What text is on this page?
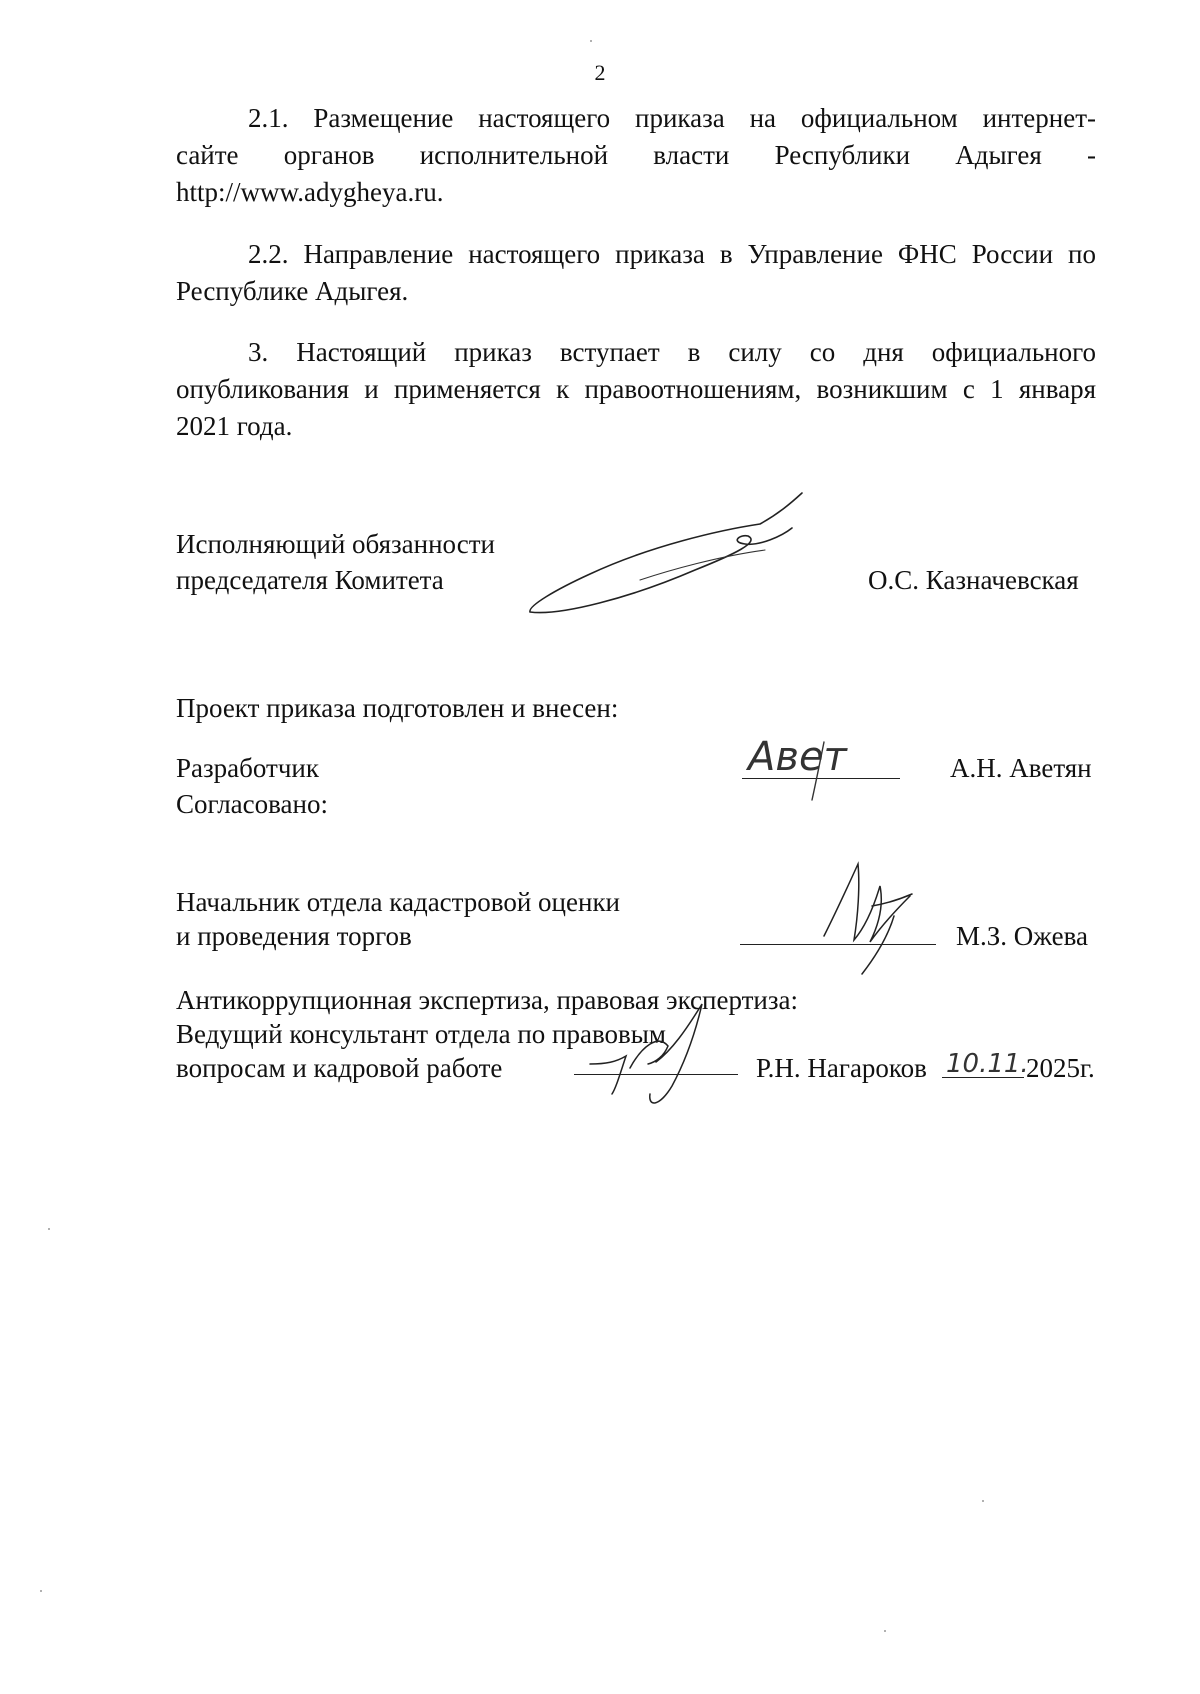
2
2.1. Размещение настоящего приказа на официальном интернет-
сайте органов исполнительной власти Республики Адыгея -
http://www.adygheya.ru.
2.2. Направление настоящего приказа в Управление ФНС России по
Республике Адыгея.
3. Настоящий приказ вступает в силу со дня официального
опубликования и применяется к правоотношениям, возникшим с 1 января
2021 года.
Исполняющий обязанности
председателя Комитета	О.С. Казначевская
Проект приказа подготовлен и внесен:
Разработчик	Авет	А.Н. Аветян
Согласовано:
Начальник отдела кадастровой оценки
и проведения торгов	М.З. Ожева
Антикоррупционная экспертиза, правовая экспертиза:
Ведущий консультант отдела по правовым
вопросам и кадровой работе	Р.Н. Нагароков 10.11.
2025г.
